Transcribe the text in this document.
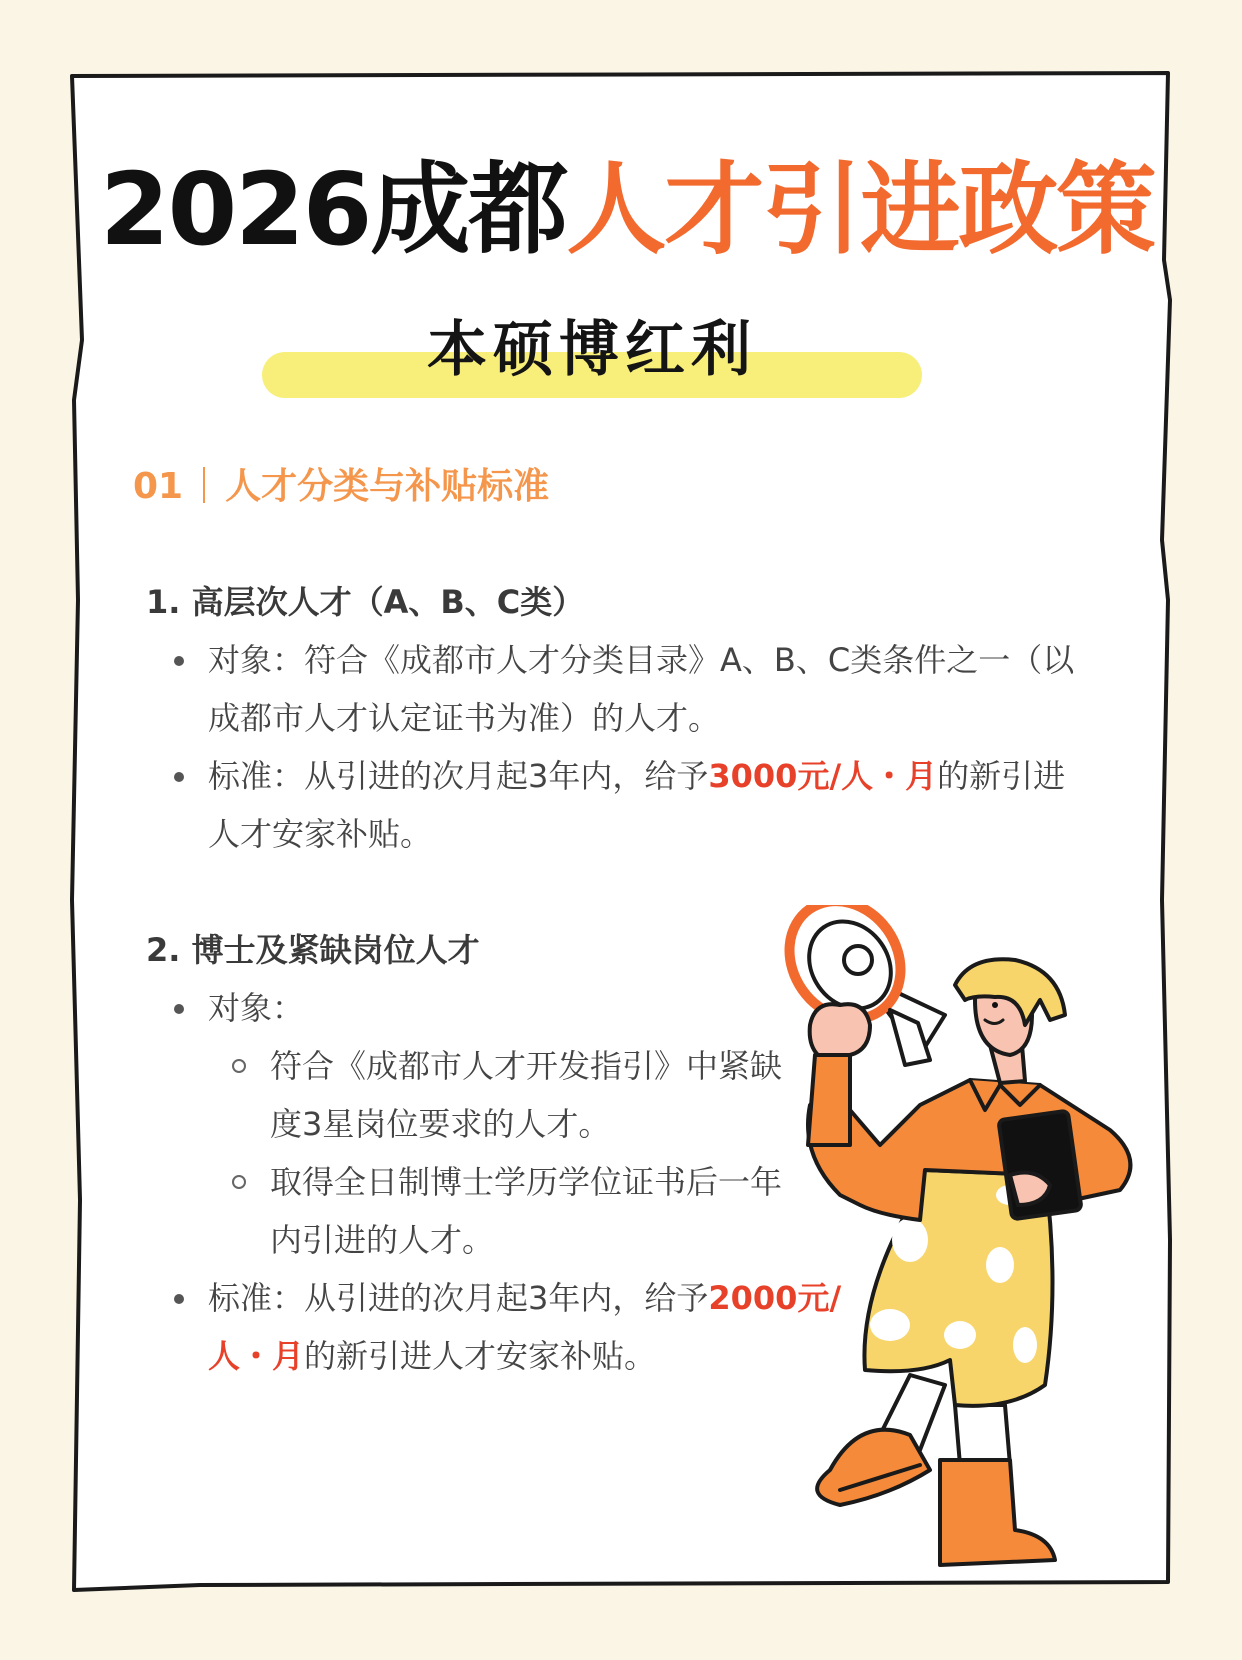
2026成都人才引进政策
本硕博红利
01 人才分类与补贴标准
1. 高层次人才（A、B、C类）
对象：符合《成都市人才分类目录》A、B、C类条件之一（以成都市人才认定证书为准）的人才。
标准：从引进的次月起3年内，给予3000元/人・月的新引进人才安家补贴。
2. 博士及紧缺岗位人才
对象：
符合《成都市人才开发指引》中紧缺度3星岗位要求的人才。
取得全日制博士学历学位证书后一年内引进的人才。
标准：从引进的次月起3年内，给予2000元/人・月的新引进人才安家补贴。
